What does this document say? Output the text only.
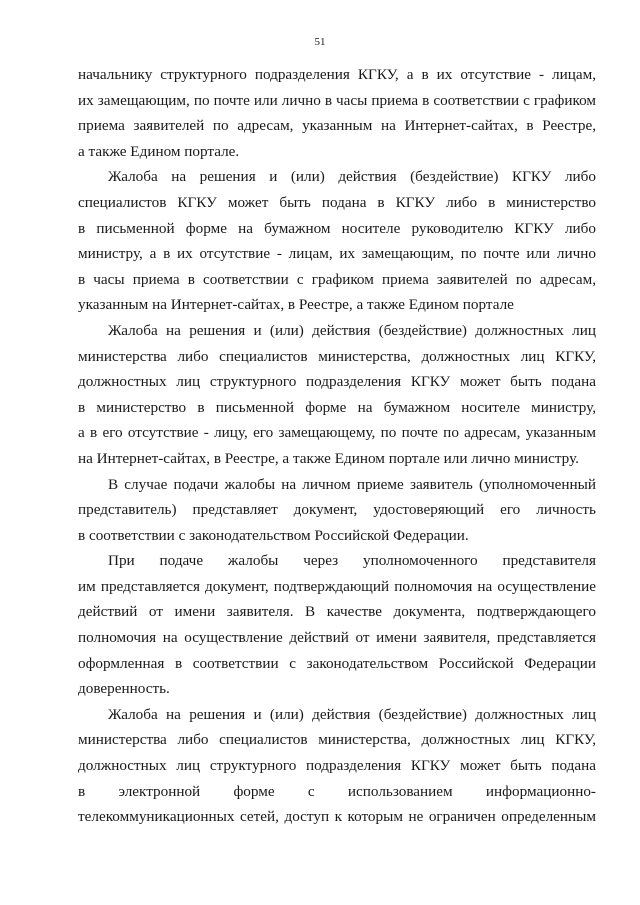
51
начальнику структурного подразделения КГКУ, а в их отсутствие - лицам,
их замещающим, по почте или лично в часы приема в соответствии с графиком
приема заявителей по адресам, указанным на Интернет-сайтах, в Реестре,
а также Едином портале.
Жалоба на решения и (или) действия (бездействие) КГКУ либо
специалистов КГКУ может быть подана в КГКУ либо в министерство
в письменной форме на бумажном носителе руководителю КГКУ либо
министру, а в их отсутствие - лицам, их замещающим, по почте или лично
в часы приема в соответствии с графиком приема заявителей по адресам,
указанным на Интернет-сайтах, в Реестре, а также Едином портале
Жалоба на решения и (или) действия (бездействие) должностных лиц
министерства либо специалистов министерства, должностных лиц КГКУ,
должностных лиц структурного подразделения КГКУ может быть подана
в министерство в письменной форме на бумажном носителе министру,
а в его отсутствие - лицу, его замещающему, по почте по адресам, указанным
на Интернет-сайтах, в Реестре, а также Едином портале или лично министру.
В случае подачи жалобы на личном приеме заявитель (уполномоченный
представитель) представляет документ, удостоверяющий его личность
в соответствии с законодательством Российской Федерации.
При подаче жалобы через уполномоченного представителя
им представляется документ, подтверждающий полномочия на осуществление
действий от имени заявителя. В качестве документа, подтверждающего
полномочия на осуществление действий от имени заявителя, представляется
оформленная в соответствии с законодательством Российской Федерации
доверенность.
Жалоба на решения и (или) действия (бездействие) должностных лиц
министерства либо специалистов министерства, должностных лиц КГКУ,
должностных лиц структурного подразделения КГКУ может быть подана
в электронной форме с использованием информационно-
телекоммуникационных сетей, доступ к которым не ограничен определенным
